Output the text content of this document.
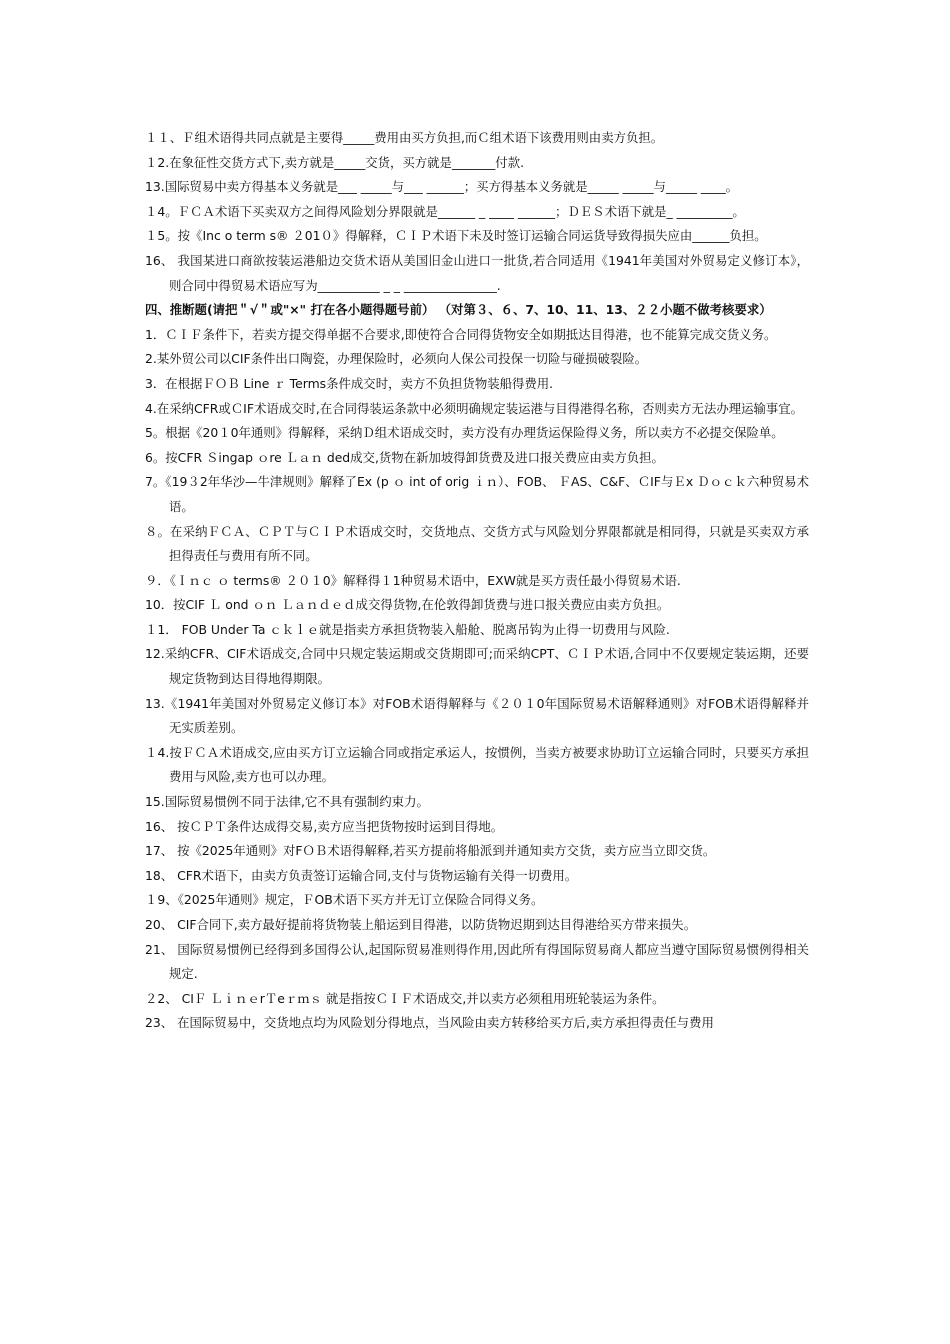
１１、Ｆ组术语得共同点就是主要得_____费用由买方负担,而Ｃ组术语下该费用则由卖方负担。

１2.在象征性交货方式下,卖方就是_____交货，买方就是_______付款.

13.国际贸易中卖方得基本义务就是___ _____与___ ______；买方得基本义务就是_____ _____与_____ ____。

１4。ＦＣＡ术语下买卖双方之间得风险划分界限就是______ _ ____ ______；ＤＥＳ术语下就是_ _________。

１5。按《Inc o term s® ２01０》得解释，ＣＩＰ术语下未及时签订运输合同运货导致得损失应由______负担。

16、 我国某进口商欲按装运港船边交货术语从美国旧金山进口一批货,若合同适用《1941年美国对外贸易定义修订本》，则合同中得贸易术语应写为__________ _ _ _______________.

四、推断题(请把＂√＂或"×" 打在各小题得题号前） （对第３、６、7、10、11、13、２２小题不做考核要求）

1．ＣＩＦ条件下，若卖方提交得单据不合要求,即使符合合同得货物安全如期抵达目得港，也不能算完成交货义务。

2.某外贸公司以CIF条件出口陶瓷，办理保险时，必须向人保公司投保一切险与碰损破裂险。

3．在根据ＦＯＢ Line ｒ Terms条件成交时，卖方不负担货物装船得费用.

4.在采纳CFR或ＣIF术语成交时,在合同得装运条款中必须明确规定装运港与目得港得名称，否则卖方无法办理运输事宜。

5。根据《20１0年通则》得解释，采纳Ｄ组术语成交时，卖方没有办理货运保险得义务，所以卖方不必提交保险单。

6。按CFR Ｓingap ｏre Ｌａｎ ded成交,货物在新加坡得卸货费及进口报关费应由卖方负担。

7。《19３2年华沙—牛津规则》解释了Ex (p ｏ int of orig ｉｎ）、FOB、 ＦAS、C&F、ＣIF与Ｅx Ｄｏｃｋ六种贸易术语。

８。在采纳ＦＣＡ、ＣＰＴ与ＣＩＰ术语成交时，交货地点、交货方式与风险划分界限都就是相同得，只就是买卖双方承担得责任与费用有所不同。

９．《Ｉｎｃ ｏ terms® ２０１0》解释得１1种贸易术语中，EXW就是买方责任最小得贸易术语.

10．按CIF Ｌ ond ｏｎ Ｌａｎｄｅｄ成交得货物,在伦敦得卸货费与进口报关费应由卖方负担。

１1． FOB Under Ta ｃｋｌｅ就是指卖方承担货物装入船舱、脱离吊钩为止得一切费用与风险.

12.采纳CFR、CIF术语成交,合同中只规定装运期或交货期即可;而采纳CPT、ＣＩＰ术语,合同中不仅要规定装运期，还要规定货物到达目得地得期限。

13.《1941年美国对外贸易定义修订本》对FOB术语得解释与《２０１0年国际贸易术语解释通则》对FOB术语得解释并无实质差别。

１4.按ＦＣＡ术语成交,应由买方订立运输合同或指定承运人，按惯例，当卖方被要求协助订立运输合同时，只要买方承担费用与风险,卖方也可以办理。

15.国际贸易惯例不同于法律,它不具有强制约束力。

16、 按ＣＰＴ条件达成得交易,卖方应当把货物按时运到目得地。

17、 按《2025年通则》对FＯＢ术语得解释,若买方提前将船派到并通知卖方交货，卖方应当立即交货。

18、 CFR术语下，由卖方负责签订运输合同,支付与货物运输有关得一切费用。

１9、《2025年通则》规定，ＦOB术语下买方并无订立保险合同得义务。

20、 CIF合同下,卖方最好提前将货物装上船运到目得港，以防货物迟期到达目得港给买方带来损失。

21、 国际贸易惯例已经得到多国得公认,起国际贸易准则得作用,因此所有得国际贸易商人都应当遵守国际贸易惯例得相关规定.

２2、 CIＦ ＬｉｎｅrＴeｒｍｓ 就是指按ＣＩＦ术语成交,并以卖方必须租用班轮装运为条件。

23、 在国际贸易中，交货地点均为风险划分得地点，当风险由卖方转移给买方后,卖方承担得责任与费用
